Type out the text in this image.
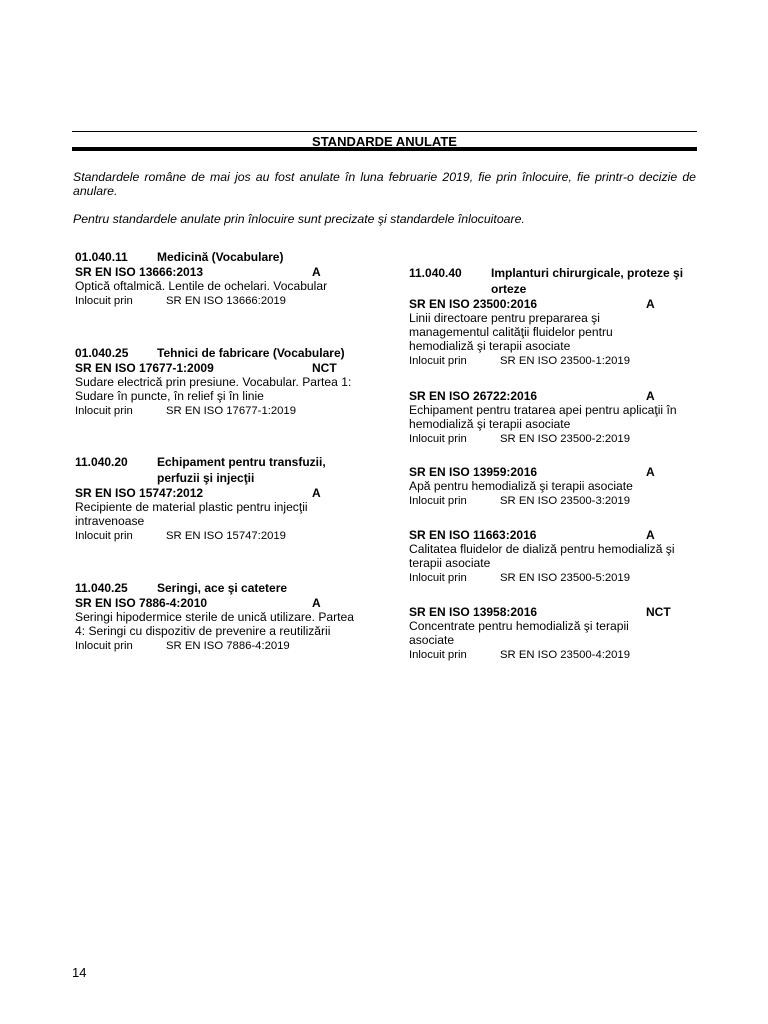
STANDARDE ANULATE
Standardele române de mai jos au fost anulate în luna februarie 2019, fie prin înlocuire, fie printr-o decizie de anulare.
Pentru standardele anulate prin înlocuire sunt precizate şi standardele înlocuitoare.
01.040.11	Medicină (Vocabulare)
SR EN ISO 13666:2013	A
Optică oftalmică. Lentile de ochelari. Vocabular
Inlocuit prin	SR EN ISO 13666:2019
01.040.25	Tehnici de fabricare (Vocabulare)
SR EN ISO 17677-1:2009	NCT
Sudare electrică prin presiune. Vocabular. Partea 1: Sudare în puncte, în relief şi în linie
Inlocuit prin	SR EN ISO 17677-1:2019
11.040.20	Echipament pentru transfuzii, perfuzii şi injecţii
SR EN ISO 15747:2012	A
Recipiente de material plastic pentru injecţii intravenoase
Inlocuit prin	SR EN ISO 15747:2019
11.040.25	Seringi, ace şi catetere
SR EN ISO 7886-4:2010	A
Seringi hipodermice sterile de unică utilizare. Partea 4: Seringi cu dispozitiv de prevenire a reutilizării
Inlocuit prin	SR EN ISO 7886-4:2019
11.040.40	Implanturi chirurgicale, proteze şi orteze
SR EN ISO 23500:2016	A
Linii directoare pentru prepararea şi managementul calităţii fluidelor pentru hemodializă şi terapii asociate
Inlocuit prin	SR EN ISO 23500-1:2019
SR EN ISO 26722:2016	A
Echipament pentru tratarea apei pentru aplicaţii în hemodializă şi terapii asociate
Inlocuit prin	SR EN ISO 23500-2:2019
SR EN ISO 13959:2016	A
Apă pentru hemodializă şi terapii asociate
Inlocuit prin	SR EN ISO 23500-3:2019
SR EN ISO 11663:2016	A
Calitatea fluidelor de dializă pentru hemodializă şi terapii asociate
Inlocuit prin	SR EN ISO 23500-5:2019
SR EN ISO 13958:2016	NCT
Concentrate pentru hemodializă şi terapii asociate
Inlocuit prin	SR EN ISO 23500-4:2019
14
